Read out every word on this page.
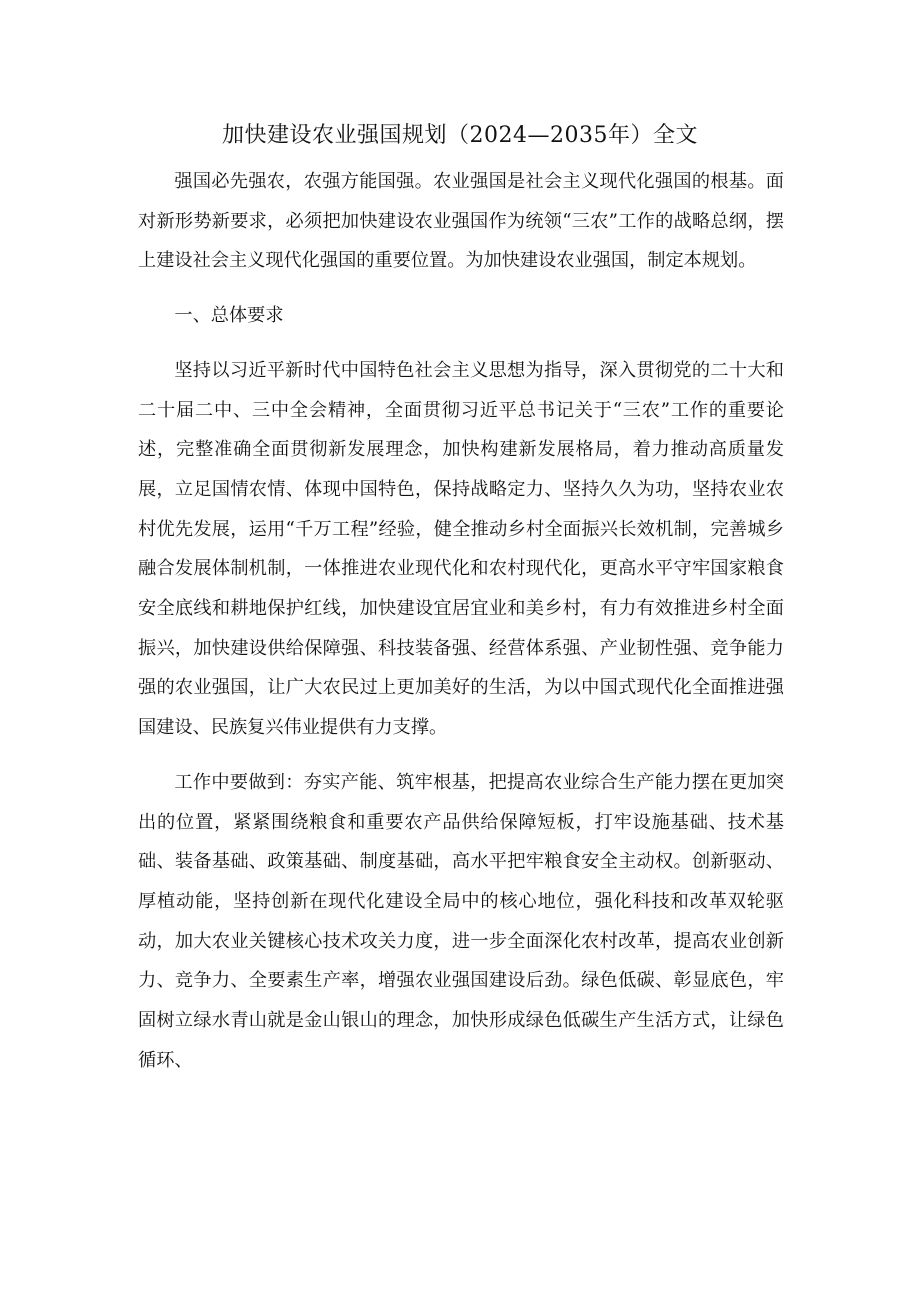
加快建设农业强国规划（2024—2035年）全文

强国必先强农，农强方能国强。农业强国是社会主义现代化强国的根基。面对新形势新要求，必须把加快建设农业强国作为统领“三农”工作的战略总纲，摆上建设社会主义现代化强国的重要位置。为加快建设农业强国，制定本规划。

一、总体要求

坚持以习近平新时代中国特色社会主义思想为指导，深入贯彻党的二十大和二十届二中、三中全会精神，全面贯彻习近平总书记关于“三农”工作的重要论述，完整准确全面贯彻新发展理念，加快构建新发展格局，着力推动高质量发展，立足国情农情、体现中国特色，保持战略定力、坚持久久为功，坚持农业农村优先发展，运用“千万工程”经验，健全推动乡村全面振兴长效机制，完善城乡融合发展体制机制，一体推进农业现代化和农村现代化，更高水平守牢国家粮食安全底线和耕地保护红线，加快建设宜居宜业和美乡村，有力有效推进乡村全面振兴，加快建设供给保障强、科技装备强、经营体系强、产业韧性强、竞争能力强的农业强国，让广大农民过上更加美好的生活，为以中国式现代化全面推进强国建设、民族复兴伟业提供有力支撑。

工作中要做到：夯实产能、筑牢根基，把提高农业综合生产能力摆在更加突出的位置，紧紧围绕粮食和重要农产品供给保障短板，打牢设施基础、技术基础、装备基础、政策基础、制度基础，高水平把牢粮食安全主动权。创新驱动、厚植动能，坚持创新在现代化建设全局中的核心地位，强化科技和改革双轮驱动，加大农业关键核心技术攻关力度，进一步全面深化农村改革，提高农业创新力、竞争力、全要素生产率，增强农业强国建设后劲。绿色低碳、彰显底色，牢固树立绿水青山就是金山银山的理念，加快形成绿色低碳生产生活方式，让绿色循环、
